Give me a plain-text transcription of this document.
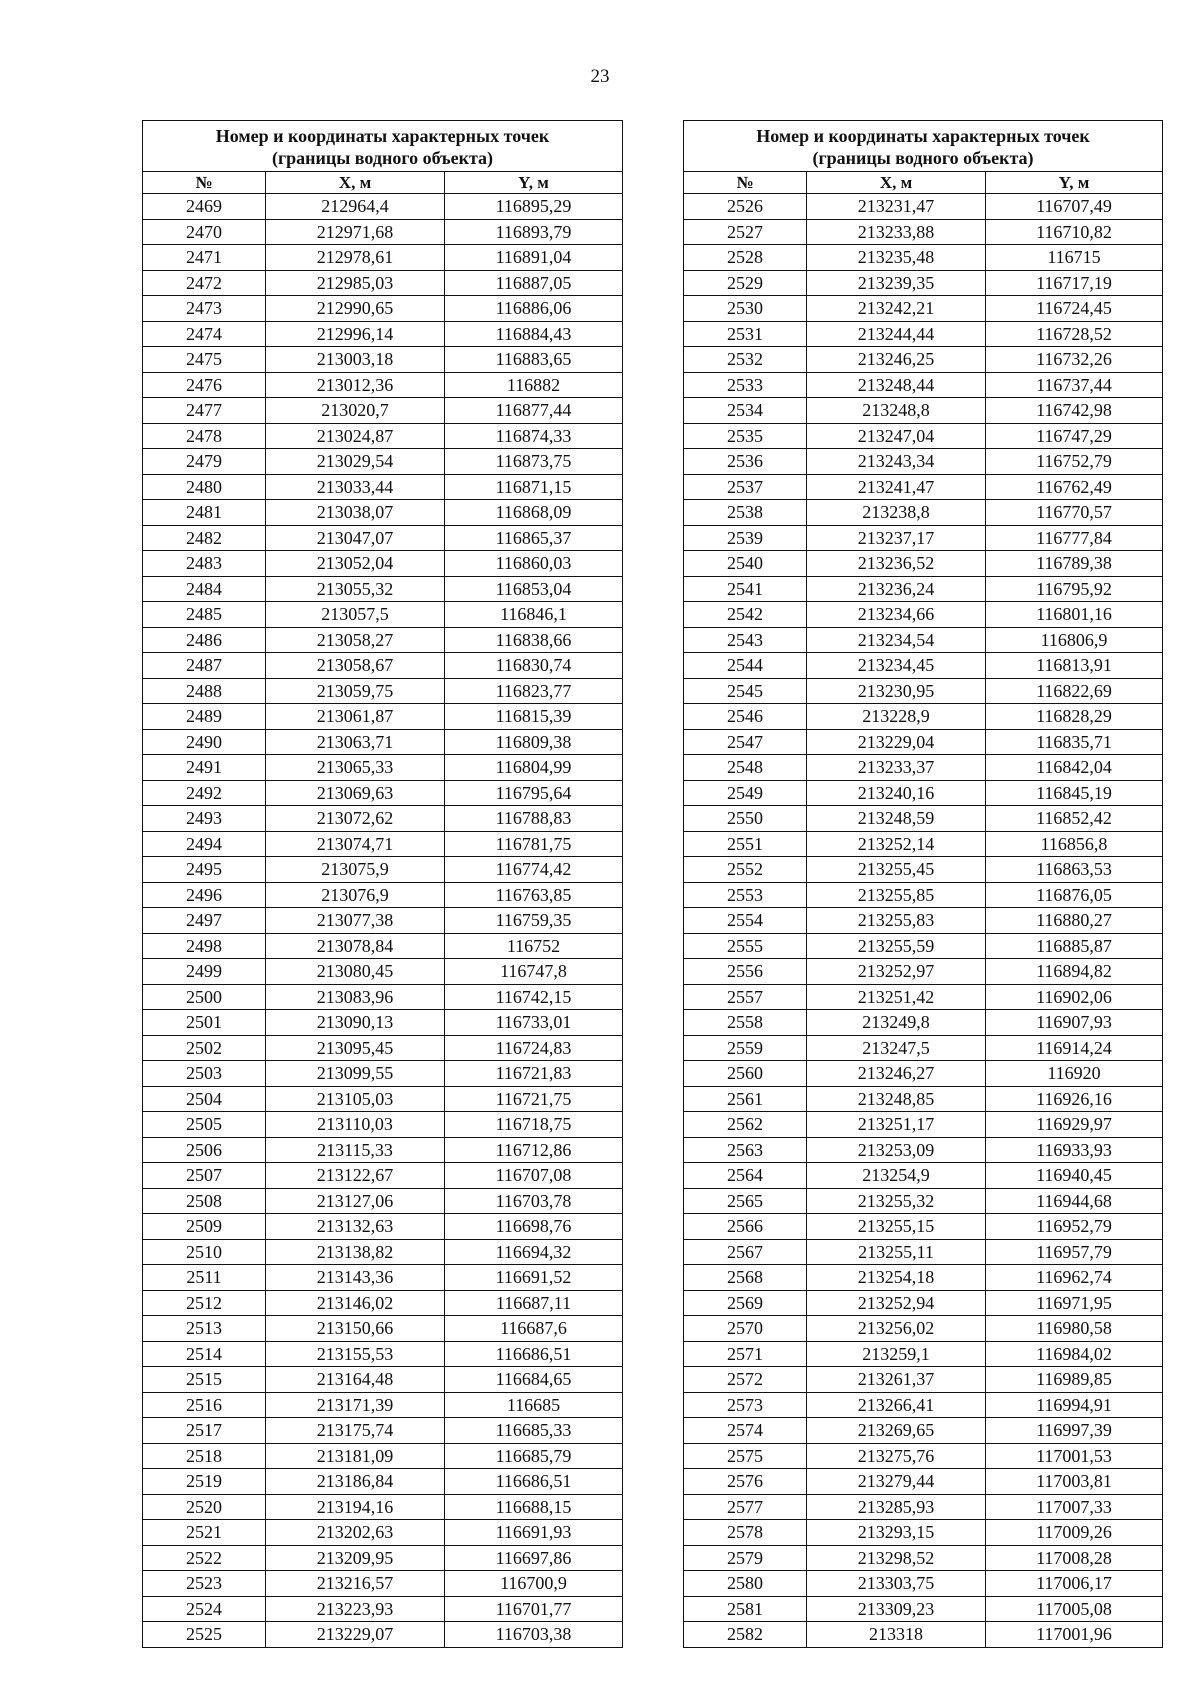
23
Номер и координаты характерных точек
(границы водного объекта)		

№	X, м	Y, м
2469	212964,4	116895,29
2470	212971,68	116893,79
2471	212978,61	116891,04
2472	212985,03	116887,05
2473	212990,65	116886,06
2474	212996,14	116884,43
2475	213003,18	116883,65
2476	213012,36	116882
2477	213020,7	116877,44
2478	213024,87	116874,33
2479	213029,54	116873,75
2480	213033,44	116871,15
2481	213038,07	116868,09
2482	213047,07	116865,37
2483	213052,04	116860,03
2484	213055,32	116853,04
2485	213057,5	116846,1
2486	213058,27	116838,66
2487	213058,67	116830,74
2488	213059,75	116823,77
2489	213061,87	116815,39
2490	213063,71	116809,38
2491	213065,33	116804,99
2492	213069,63	116795,64
2493	213072,62	116788,83
2494	213074,71	116781,75
2495	213075,9	116774,42
2496	213076,9	116763,85
2497	213077,38	116759,35
2498	213078,84	116752
2499	213080,45	116747,8
2500	213083,96	116742,15
2501	213090,13	116733,01
2502	213095,45	116724,83
2503	213099,55	116721,83
2504	213105,03	116721,75
2505	213110,03	116718,75
2506	213115,33	116712,86
2507	213122,67	116707,08
2508	213127,06	116703,78
2509	213132,63	116698,76
2510	213138,82	116694,32
2511	213143,36	116691,52
2512	213146,02	116687,11
2513	213150,66	116687,6
2514	213155,53	116686,51
2515	213164,48	116684,65
2516	213171,39	116685
2517	213175,74	116685,33
2518	213181,09	116685,79
2519	213186,84	116686,51
2520	213194,16	116688,15
2521	213202,63	116691,93
2522	213209,95	116697,86
2523	213216,57	116700,9
2524	213223,93	116701,77
2525	213229,07	116703,38
Номер и координаты характерных точек
(границы водного объекта)		

№	X, м	Y, м
2526	213231,47	116707,49
2527	213233,88	116710,82
2528	213235,48	116715
2529	213239,35	116717,19
2530	213242,21	116724,45
2531	213244,44	116728,52
2532	213246,25	116732,26
2533	213248,44	116737,44
2534	213248,8	116742,98
2535	213247,04	116747,29
2536	213243,34	116752,79
2537	213241,47	116762,49
2538	213238,8	116770,57
2539	213237,17	116777,84
2540	213236,52	116789,38
2541	213236,24	116795,92
2542	213234,66	116801,16
2543	213234,54	116806,9
2544	213234,45	116813,91
2545	213230,95	116822,69
2546	213228,9	116828,29
2547	213229,04	116835,71
2548	213233,37	116842,04
2549	213240,16	116845,19
2550	213248,59	116852,42
2551	213252,14	116856,8
2552	213255,45	116863,53
2553	213255,85	116876,05
2554	213255,83	116880,27
2555	213255,59	116885,87
2556	213252,97	116894,82
2557	213251,42	116902,06
2558	213249,8	116907,93
2559	213247,5	116914,24
2560	213246,27	116920
2561	213248,85	116926,16
2562	213251,17	116929,97
2563	213253,09	116933,93
2564	213254,9	116940,45
2565	213255,32	116944,68
2566	213255,15	116952,79
2567	213255,11	116957,79
2568	213254,18	116962,74
2569	213252,94	116971,95
2570	213256,02	116980,58
2571	213259,1	116984,02
2572	213261,37	116989,85
2573	213266,41	116994,91
2574	213269,65	116997,39
2575	213275,76	117001,53
2576	213279,44	117003,81
2577	213285,93	117007,33
2578	213293,15	117009,26
2579	213298,52	117008,28
2580	213303,75	117006,17
2581	213309,23	117005,08
2582	213318	117001,96
